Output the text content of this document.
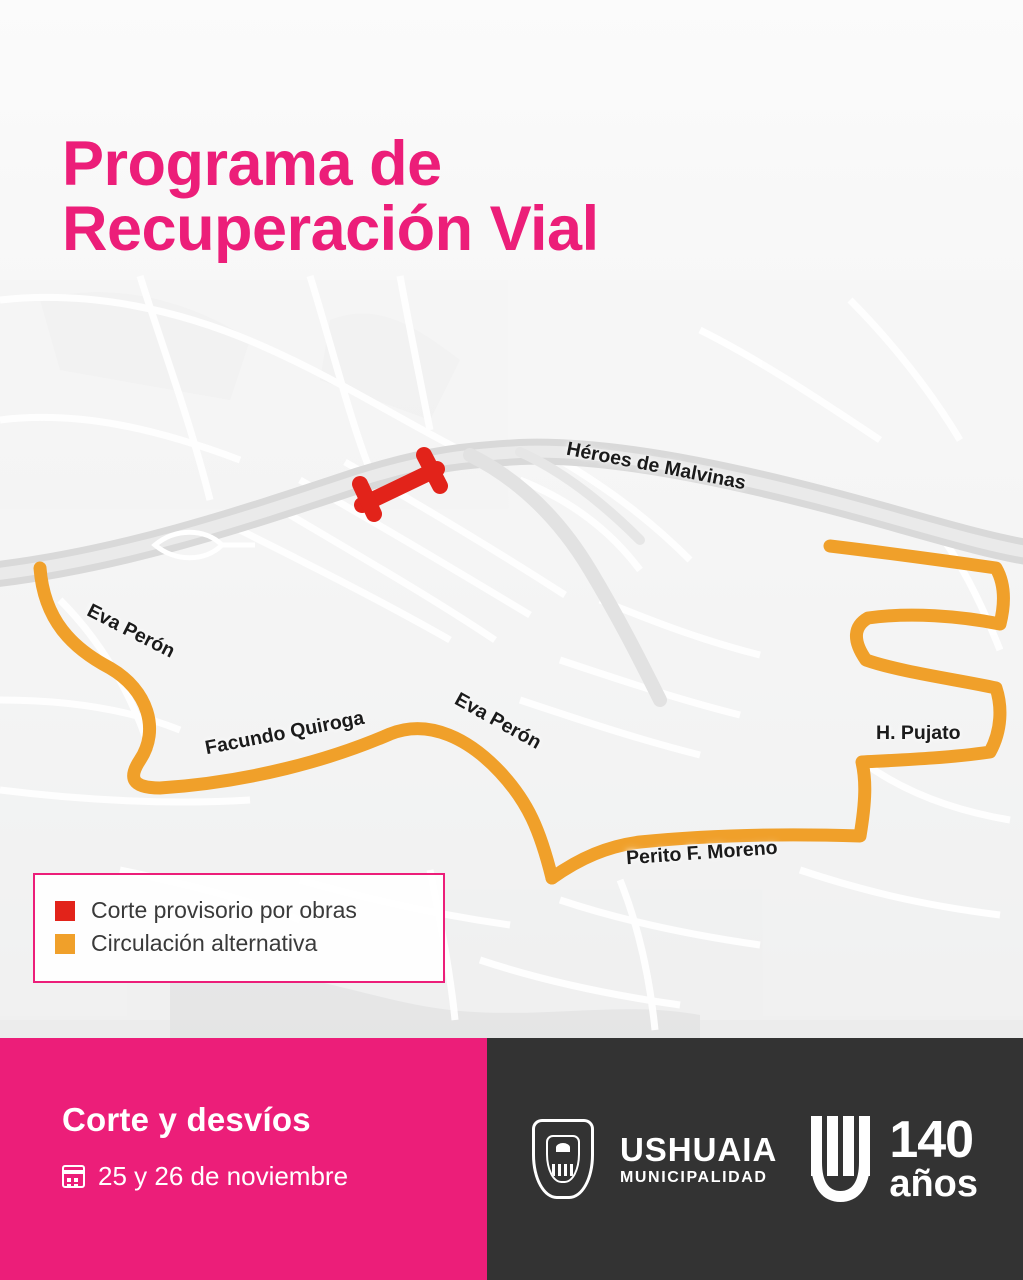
Héroes de Malvinas
Eva Perón
Facundo Quiroga	Eva Perón	H. Pujato
Perito F. Moreno
Programa de
Recuperación Vial
Corte provisorio por obras
Circulación alternativa
Corte y desvíos
25 y 26 de noviembre
USHUAIA
MUNICIPALIDAD
140
años
